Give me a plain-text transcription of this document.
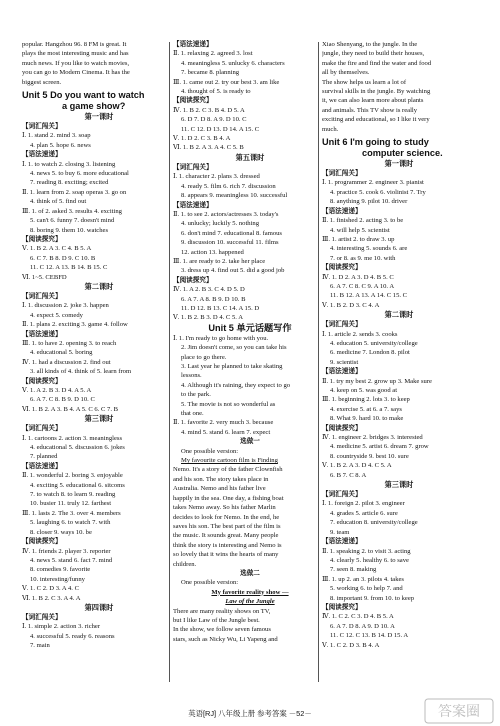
popular. Hangzhou 96. 8 FM is great. It
plays the most interesting music and has
much news. If you like to watch movies,
you can go to Modern Cinema. It has the
biggest screen.
Unit 5 Do you want to watch
a game show?
第一课时
【词汇闯关】
Ⅰ. 1. stand 2. mind 3. soap
4. plan 5. hope 6. news
【语法速递】
Ⅰ. 1. to watch 2. closing 3. listening
4. news 5. to buy 6. more educational
7. reading 8. exciting; excited
Ⅱ. 1. learn from 2. soap operas 3. go on
4. think of 5. find out
Ⅲ. 1. of 2. asked 3. results 4. exciting
5. can't 6. funny 7. doesn't mind
8. boring 9. them 10. watches
【阅读探究】
Ⅴ. 1. B 2. A 3. C 4. B 5. A
6. C 7. B 8. D 9. C 10. B
11. C 12. A 13. B 14. B 15. C
Ⅵ. 1~5. CEBFD
第二课时
【词汇闯关】
Ⅰ. 1. discussion 2. joke 3. happen
4. expect 5. comedy
Ⅱ. 1. plans 2. exciting 3. game 4. follow
【语法速递】
Ⅲ. 1. to have 2. opening 3. to reach
4. educational 5. boring
Ⅳ. 1. had a discussion 2. find out
3. all kinds of 4. think of 5. learn from
【阅读探究】
Ⅴ. 1. A 2. B 3. D 4. A 5. A
6. A 7. C 8. B 9. D 10. C
Ⅵ. 1. B 2. A 3. B 4. A 5. C 6. C 7. B
第三课时
【词汇闯关】
Ⅰ. 1. cartoons 2. action 3. meaningless
4. educational 5. discussion 6. jokes
7. planned
【语法速递】
Ⅱ. 1. wonderful 2. boring 3. enjoyable
4. exciting 5. educational 6. sitcoms
7. to watch 8. to learn 9. reading
10. busier 11. truly 12. farthest
Ⅲ. 1. lasts 2. The 3. over 4. members
5. laughing 6. to watch 7. with
8. closer 9. ways 10. be
【阅读探究】
Ⅳ. 1. friends 2. player 3. reporter
4. news 5. stand 6. fact 7. mind
8. comedies 9. favorite
10. interesting/funny
Ⅴ. 1. C 2. D 3. A 4. C
Ⅵ. 1. B 2. C 3. A 4. A
第四课时
【词汇闯关】
Ⅰ. 1. simple 2. action 3. richer
4. successful 5. ready 6. reasons
7. main
【语法速递】
Ⅱ. 1. relaxing 2. agreed 3. lost
4. meaningless 5. unlucky 6. characters
7. became 8. planning
Ⅲ. 1. came out 2. try our best 3. am like
4. thought of 5. is ready to
【阅读探究】
Ⅳ. 1. B 2. C 3. B 4. D 5. A
6. D 7. D 8. A 9. D 10. C
11. C 12. D 13. D 14. A 15. C
Ⅴ. 1. D 2. C 3. B 4. A
Ⅵ. 1. B 2. A 3. A 4. C 5. B
第五课时
【词汇闯关】
Ⅰ. 1. character 2. plans 3. dressed
4. ready 5. film 6. rich 7. discussion
8. appears 9. meaningless 10. successful
【语法速递】
Ⅱ. 1. to see 2. actors/actresses 3. today's
4. unlucky; luckily 5. nothing
6. don't mind 7. educational 8. famous
9. discussion 10. successful 11. films
12. action 13. happened
Ⅲ. 1. are ready to 2. take her place
3. dress up 4. find out 5. did a good job
【阅读探究】
Ⅳ. 1. A 2. B 3. C 4. D 5. D
6. A 7. A 8. B 9. D 10. B
11. D 12. B 13. C 14. A 15. D
Ⅴ. 1. B 2. B 3. D 4. C 5. A
Unit 5 单元话题写作
Ⅰ. 1. I'm ready to go home with you.
2. Jim doesn't come, so you can take his
place to go there.
3. Last year he planned to take skating
lessons.
4. Although it's raining, they expect to go
to the park.
5. The movie is not so wonderful as
that one.
Ⅱ. 1. favorite 2. very much 3. because
4. mind 5. stand 6. learn 7. expect
选做一
One possible version:
My favourite cartoon film is Finding
Nemo. It's a story of the father Clownfish
and his son. The story takes place in
Australia. Nemo and his father live
happily in the sea. One day, a fishing boat
takes Nemo away. So his father Marlin
decides to look for Nemo. In the end, he
saves his son. The best part of the film is
the music. It sounds great. Many people
think the story is interesting and Nemo is
so lovely that it wins the hearts of many
children.
选做二
One possible version:
My favorite reality show —
Law of the Jungle
There are many reality shows on TV,
but I like Law of the Jungle best.
In the show, we follow seven famous
stars, such as Nicky Wu, Li Yapeng and
Xiao Shenyang, to the jungle. In the
jungle, they need to build their houses,
make the fire and find the water and food
all by themselves.
The show helps us learn a lot of
survival skills in the jungle. By watching
it, we can also learn more about plants
and animals. This TV show is really
exciting and educational, so I like it very
much.
Unit 6 I'm going to study
computer science.
第一课时
【词汇闯关】
Ⅰ. 1. programmer 2. engineer 3. pianist
4. practice 5. cook 6. violinist 7. Try
8. anything 9. pilot 10. driver
【语法速递】
Ⅱ. 1. finished 2. acting 3. to be
4. will help 5. scientist
Ⅲ. 1. artist 2. to draw 3. up
4. interesting 5. sounds 6. are
7. or 8. as 9. me 10. with
【阅读探究】
Ⅳ. 1. D 2. A 3. D 4. B 5. C
6. A 7. C 8. C 9. A 10. A
11. B 12. A 13. A 14. C 15. C
Ⅴ. 1. B 2. D 3. C 4. A
第二课时
【词汇闯关】
Ⅰ. 1. article 2. sends 3. cooks
4. education 5. university/college
6. medicine 7. London 8. pilot
9. scientist
【语法速递】
Ⅱ. 1. try my best 2. grow up 3. Make sure
4. keep on 5. was good at
Ⅲ. 1. beginning 2. lots 3. to keep
4. exercise 5. at 6. a 7. says
8. What 9. hard 10. to make
【阅读探究】
Ⅳ. 1. engineer 2. bridges 3. interested
4. medicine 5. artist 6. dream 7. grow
8. countryside 9. best 10. sure
Ⅴ. 1. B 2. A 3. D 4. C 5. A
6. B 7. C 8. A
第三课时
【词汇闯关】
Ⅰ. 1. foreign 2. pilot 3. engineer
4. grades 5. article 6. sure
7. education 8. university/college
9. team
【语法速递】
Ⅱ. 1. speaking 2. to visit 3. acting
4. clearly 5. healthy 6. to save
7. seen 8. making
Ⅲ. 1. up 2. an 3. pilots 4. takes
5. working 6. to help 7. and
8. important 9. from 10. to keep
【阅读探究】
Ⅳ. 1. C 2. C 3. D 4. B 5. A
6. A 7. D 8. A 9. D 10. A
11. C 12. C 13. B 14. D 15. A
Ⅴ. 1. C 2. D 3. B 4. A
英语[RJ] 八年级上册 参考答案 －52－	答案圈
